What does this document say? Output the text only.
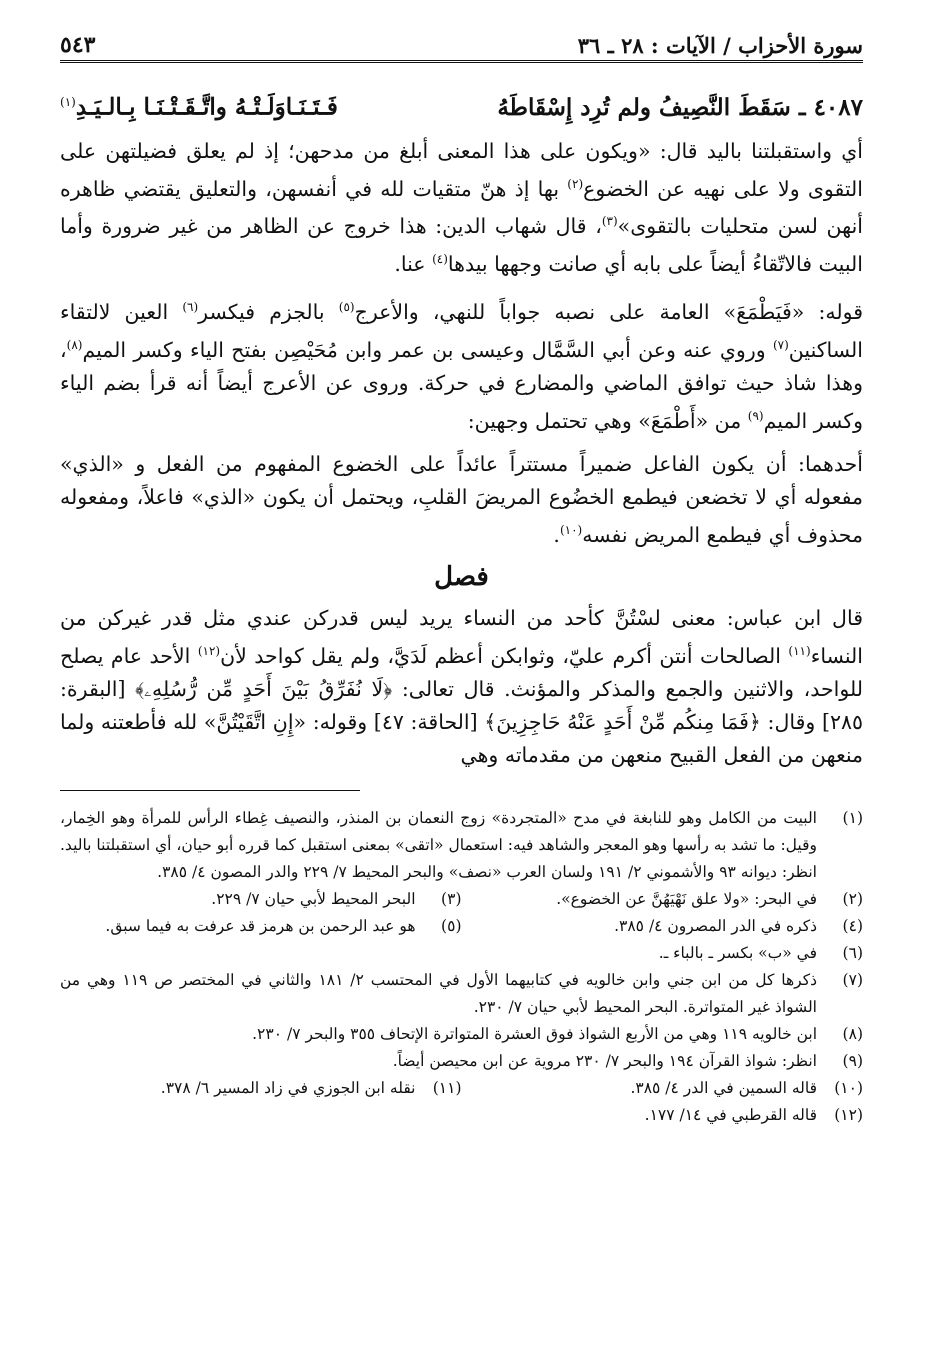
سورة الأحزاب / الآيات : ٢٨ ـ ٣٦
٥٤٣
٤٠٨٧ ـ سَقَطَ النَّصِيفُ ولم تُرِد إِسْقَاطَهُ
فَـتَـنَـاوَلَـتْـهُ واتَّـقَـتْـنَـا بِـالـيَـدِ$^{(١)}$

أي واستقبلتنا باليد قال: «ويكون على هذا المعنى أبلغ من مدحهن؛ إذ لم يعلق فضيلتهن على التقوى ولا على نهيه عن الخضوع$^{(٢)}$ بها إذ هنّ متقيات لله في أنفسهن، والتعليق يقتضي ظاهره أنهن لسن متحليات بالتقوى»$^{(٣)}$، قال شهاب الدين: هذا خروج عن الظاهر من غير ضرورة وأما البيت فالاتّقاءُ أيضاً على بابه أي صانت وجهها بيدها$^{(٤)}$ عنا.

قوله: «فَيَطْمَعَ» العامة على نصبه جواباً للنهي، والأعرج$^{(٥)}$ بالجزم فيكسر$^{(٦)}$ العين لالتقاء الساكنين$^{(٧)}$ وروي عنه وعن أبي السَّمَّال وعيسى بن عمر وابن مُحَيْصِن بفتح الياء وكسر الميم$^{(٨)}$، وهذا شاذ حيث توافق الماضي والمضارع في حركة. وروى عن الأعرج أيضاً أنه قرأ بضم الياء وكسر الميم$^{(٩)}$ من «أَطْمَعَ» وهي تحتمل وجهين:

أحدهما: أن يكون الفاعل ضميراً مستتراً عائداً على الخضوع المفهوم من الفعل و «الذي» مفعوله أي لا تخضعن فيطمع الخضُوع المريضَ القلبِ، ويحتمل أن يكون «الذي» فاعلاً، ومفعوله محذوف أي فيطمع المريض نفسه$^{(١٠)}$.

فصل

قال ابن عباس: معنى لسْتُنَّ كأحد من النساء يريد ليس قدركن عندي مثل قدر غيركن من النساء$^{(١١)}$ الصالحات أنتن أكرم عليّ، وثوابكن أعظم لَدَيَّ، ولم يقل كواحد لأن$^{(١٢)}$ الأحد عام يصلح للواحد، والاثنين والجمع والمذكر والمؤنث. قال تعالى: ﴿لَا نُفَرِّقُ بَيْنَ أَحَدٍ مِّن رُّسُلِهِۦ﴾ [البقرة: ٢٨٥] وقال: ﴿فَمَا مِنكُم مِّنْ أَحَدٍ عَنْهُ حَاجِزِينَ﴾ [الحاقة: ٤٧] وقوله: «إِنِ اتَّقَيْتُنَّ» لله فأطعتنه ولما منعهن من الفعل القبيح منعهن من مقدماته وهي

(١)
البيت من الكامل وهو للنابغة في مدح «المتجردة» زوج النعمان بن المنذر، والنصيف غِطاء الرأس للمرأة وهو الخِمار، وقيل: ما تشد به رأسها وهو المعجر والشاهد فيه: استعمال «اتقى» بمعنى استقبل كما قرره أبو حيان، أي استقبلتنا باليد. انظر: ديوانه ٩٣ والأشموني ٢/ ١٩١ ولسان العرب «نصف» والبحر المحيط ٧/ ٢٢٩ والدر المصون ٤/ ٣٨٥.
(٢)
في البحر: «ولا علق نَهْيَهُنَّ عن الخضوع».
(٣)
البحر المحيط لأبي حيان ٧/ ٢٢٩.
(٤)
ذكره في الدر المصرون ٤/ ٣٨٥.
(٥)
هو عبد الرحمن بن هرمز قد عرفت به فيما سبق.
(٦)
في «ب» بكسر ـ بالباء ـ.
(٧)
ذكرها كل من ابن جني وابن خالويه في كتابيهما الأول في المحتسب ٢/ ١٨١ والثاني في المختصر ص ١١٩ وهي من الشواذ غير المتواترة. البحر المحيط لأبي حيان ٧/ ٢٣٠.
(٨)
ابن خالويه ١١٩ وهي من الأربع الشواذ فوق العشرة المتواترة الإتحاف ٣٥٥ والبحر ٧/ ٢٣٠.
(٩)
انظر: شواذ القرآن ١٩٤ والبحر ٧/ ٢٣٠ مروية عن ابن محيصن أيضاً.
(١٠)
قاله السمين في الدر ٤/ ٣٨٥.
(١١)
نقله ابن الجوزي في زاد المسير ٦/ ٣٧٨.
(١٢)
قاله القرطبي في ١٤/ ١٧٧.
